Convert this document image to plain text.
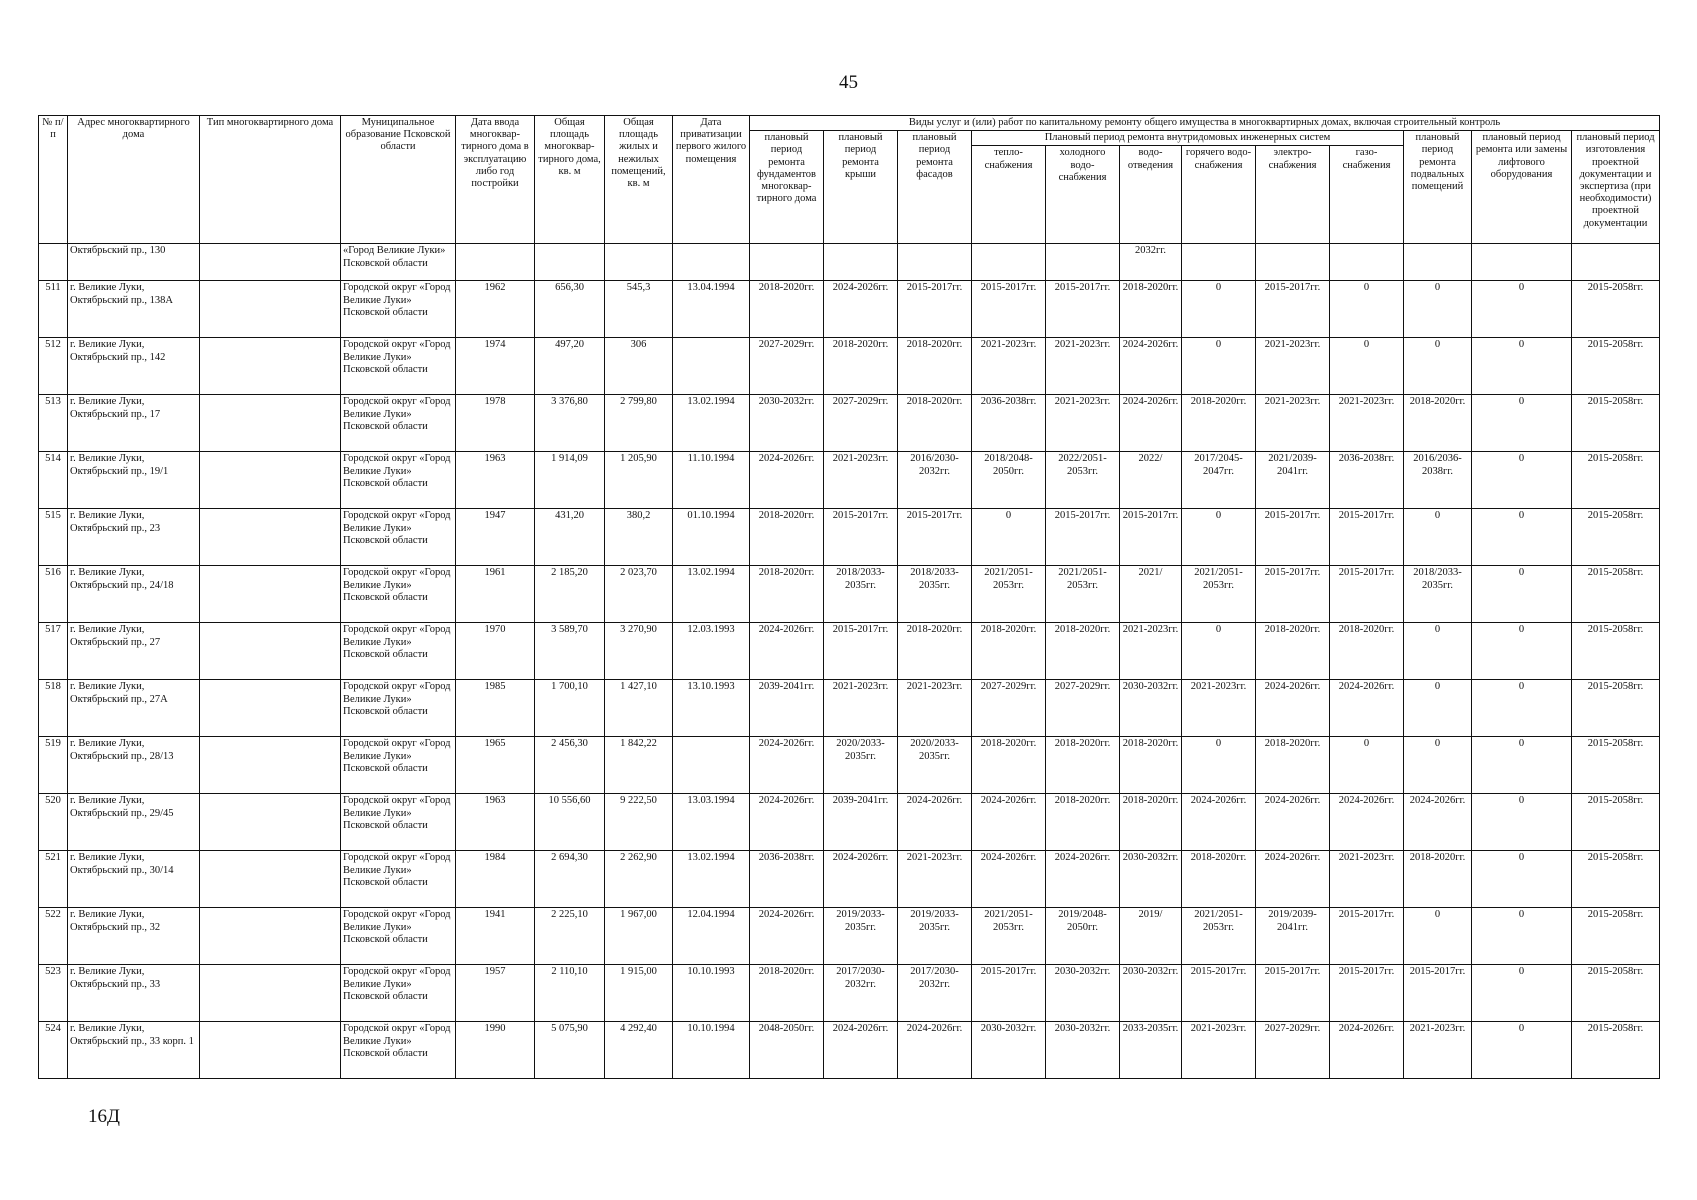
45
№ п/п	Адрес многоквартирного дома	Тип многоквартирного дома	Муниципальное образование Псковской области	Дата ввода многоквар-тирного дома в эксплуатацию либо год постройки	Общая площадь многоквар-тирного дома, кв. м	Общая площадь жилых и нежилых помещений, кв. м	Дата приватизации первого жилого помещения	Виды услуг и (или) работ по капитальному ремонту общего имущества в многоквартирных домах, включая строительный контроль											
								плановый период ремонта фундаментов многоквар-тирного дома	плановый период ремонта крыши	плановый период ремонта фасадов	Плановый период ремонта внутридомовых инженерных систем						плановый период ремонта подвальных помещений	плановый период ремонта или замены лифтового оборудования	плановый период изготовления проектной документации и экспертиза (при необходимости) проектной документации
											тепло-снабжения	холодного водо-снабжения	водо-отведения	горячего водо-снабжения	электро-снабжения	газо-снабжения			
	Октябрьский пр., 130		«Город Великие Луки» Псковской области										2032гг.						
511	г. Великие Луки, Октябрьский пр., 138А		Городской округ «Город Великие Луки» Псковской области	1962	656,30	545,3	13.04.1994	2018-2020гг.	2024-2026гг.	2015-2017гг.	2015-2017гг.	2015-2017гг.	2018-2020гг.	0	2015-2017гг.	0	0	0	2015-2058гг.
512	г. Великие Луки, Октябрьский пр., 142		Городской округ «Город Великие Луки» Псковской области	1974	497,20	306		2027-2029гг.	2018-2020гг.	2018-2020гг.	2021-2023гг.	2021-2023гг.	2024-2026гг.	0	2021-2023гг.	0	0	0	2015-2058гг.
513	г. Великие Луки, Октябрьский пр., 17		Городской округ «Город Великие Луки» Псковской области	1978	3 376,80	2 799,80	13.02.1994	2030-2032гг.	2027-2029гг.	2018-2020гг.	2036-2038гг.	2021-2023гг.	2024-2026гг.	2018-2020гг.	2021-2023гг.	2021-2023гг.	2018-2020гг.	0	2015-2058гг.
514	г. Великие Луки, Октябрьский пр., 19/1		Городской округ «Город Великие Луки» Псковской области	1963	1 914,09	1 205,90	11.10.1994	2024-2026гг.	2021-2023гг.	2016/2030-2032гг.	2018/2048-2050гг.	2022/2051-2053гг.	2022/	2017/2045-2047гг.	2021/2039-2041гг.	2036-2038гг.	2016/2036-2038гг.	0	2015-2058гг.
515	г. Великие Луки, Октябрьский пр., 23		Городской округ «Город Великие Луки» Псковской области	1947	431,20	380,2	01.10.1994	2018-2020гг.	2015-2017гг.	2015-2017гг.	0	2015-2017гг.	2015-2017гг.	0	2015-2017гг.	2015-2017гг.	0	0	2015-2058гг.
516	г. Великие Луки, Октябрьский пр., 24/18		Городской округ «Город Великие Луки» Псковской области	1961	2 185,20	2 023,70	13.02.1994	2018-2020гг.	2018/2033-2035гг.	2018/2033-2035гг.	2021/2051-2053гг.	2021/2051-2053гг.	2021/	2021/2051-2053гг.	2015-2017гг.	2015-2017гг.	2018/2033-2035гг.	0	2015-2058гг.
517	г. Великие Луки, Октябрьский пр., 27		Городской округ «Город Великие Луки» Псковской области	1970	3 589,70	3 270,90	12.03.1993	2024-2026гг.	2015-2017гг.	2018-2020гг.	2018-2020гг.	2018-2020гг.	2021-2023гг.	0	2018-2020гг.	2018-2020гг.	0	0	2015-2058гг.
518	г. Великие Луки, Октябрьский пр., 27А		Городской округ «Город Великие Луки» Псковской области	1985	1 700,10	1 427,10	13.10.1993	2039-2041гг.	2021-2023гг.	2021-2023гг.	2027-2029гг.	2027-2029гг.	2030-2032гг.	2021-2023гг.	2024-2026гг.	2024-2026гг.	0	0	2015-2058гг.
519	г. Великие Луки, Октябрьский пр., 28/13		Городской округ «Город Великие Луки» Псковской области	1965	2 456,30	1 842,22		2024-2026гг.	2020/2033-2035гг.	2020/2033-2035гг.	2018-2020гг.	2018-2020гг.	2018-2020гг.	0	2018-2020гг.	0	0	0	2015-2058гг.
520	г. Великие Луки, Октябрьский пр., 29/45		Городской округ «Город Великие Луки» Псковской области	1963	10 556,60	9 222,50	13.03.1994	2024-2026гг.	2039-2041гг.	2024-2026гг.	2024-2026гг.	2018-2020гг.	2018-2020гг.	2024-2026гг.	2024-2026гг.	2024-2026гг.	2024-2026гг.	0	2015-2058гг.
521	г. Великие Луки, Октябрьский пр., 30/14		Городской округ «Город Великие Луки» Псковской области	1984	2 694,30	2 262,90	13.02.1994	2036-2038гг.	2024-2026гг.	2021-2023гг.	2024-2026гг.	2024-2026гг.	2030-2032гг.	2018-2020гг.	2024-2026гг.	2021-2023гг.	2018-2020гг.	0	2015-2058гг.
522	г. Великие Луки, Октябрьский пр., 32		Городской округ «Город Великие Луки» Псковской области	1941	2 225,10	1 967,00	12.04.1994	2024-2026гг.	2019/2033-2035гг.	2019/2033-2035гг.	2021/2051-2053гг.	2019/2048-2050гг.	2019/	2021/2051-2053гг.	2019/2039-2041гг.	2015-2017гг.	0	0	2015-2058гг.
523	г. Великие Луки, Октябрьский пр., 33		Городской округ «Город Великие Луки» Псковской области	1957	2 110,10	1 915,00	10.10.1993	2018-2020гг.	2017/2030-2032гг.	2017/2030-2032гг.	2015-2017гг.	2030-2032гг.	2030-2032гг.	2015-2017гг.	2015-2017гг.	2015-2017гг.	2015-2017гг.	0	2015-2058гг.
524	г. Великие Луки, Октябрьский пр., 33 корп. 1		Городской округ «Город Великие Луки» Псковской области	1990	5 075,90	4 292,40	10.10.1994	2048-2050гг.	2024-2026гг.	2024-2026гг.	2030-2032гг.	2030-2032гг.	2033-2035гг.	2021-2023гг.	2027-2029гг.	2024-2026гг.	2021-2023гг.	0	2015-2058гг.
16Д
